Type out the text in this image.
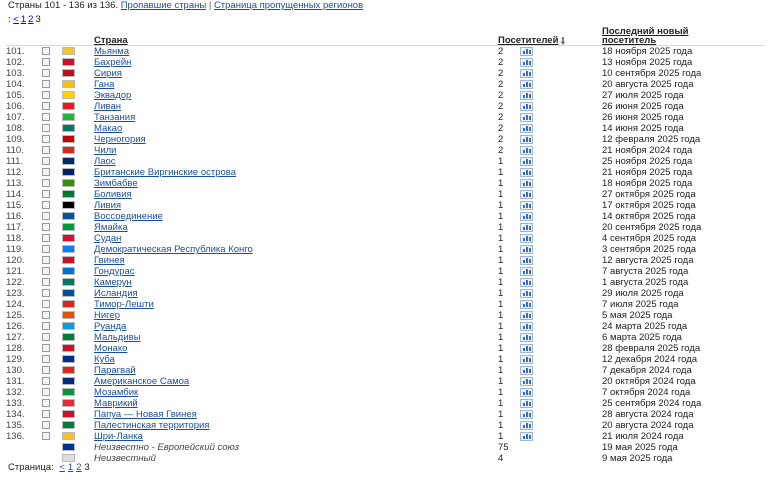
Страны 101 - 136 из 136. Пропавшие страны | Страница пропущенных регионов
: < 1 2 3
			Страна	Посетителей		Последний новый
посетитель
101.			Мьянма	2		18 ноября 2025 года
102.			Бахрейн	2		13 ноября 2025 года
103.			Сирия	2		10 сентября 2025 года
104.			Гана	2		20 августа 2025 года
105.			Эквадор	2		27 июля 2025 года
106.			Ливан	2		26 июня 2025 года
107.			Танзания	2		26 июня 2025 года
108.			Макао	2		14 июня 2025 года
109.			Черногория	2		12 февраля 2025 года
110.			Чили	2		21 ноября 2024 года
111.			Лаос	1		25 ноября 2025 года
112.			Британские Виргинские острова	1		21 ноября 2025 года
113.			Зимбабве	1		18 ноября 2025 года
114.			Боливия	1		27 октября 2025 года
115.			Ливия	1		17 октября 2025 года
116.			Воссоединение	1		14 октября 2025 года
117.			Ямайка	1		20 сентября 2025 года
118.			Судан	1		4 сентября 2025 года
119.			Демократическая Республика Конго	1		3 сентября 2025 года
120.			Гвинея	1		12 августа 2025 года
121.			Гондурас	1		7 августа 2025 года
122.			Камерун	1		1 августа 2025 года
123.			Исландия	1		29 июля 2025 года
124.			Тимор-Лешти	1		7 июля 2025 года
125.			Нигер	1		5 мая 2025 года
126.			Руанда	1		24 марта 2025 года
127.			Мальдивы	1		6 марта 2025 года
128.			Монако	1		28 февраля 2025 года
129.			Куба	1		12 декабря 2024 года
130.			Парагвай	1		7 декабря 2024 года
131.			Американское Самоа	1		20 октября 2024 года
132.			Мозамбик	1		7 октября 2024 года
133.			Маврикий	1		25 сентября 2024 года
134.			Папуа — Новая Гвинея	1		28 августа 2024 года
135.			Палестинская территория	1		20 августа 2024 года
136.			Шри-Ланка	1		21 июля 2024 года
			Неизвестно - Европейский союз	75		19 мая 2025 года
			Неизвестный	4		9 мая 2025 года
Страница: < 1 2 3
